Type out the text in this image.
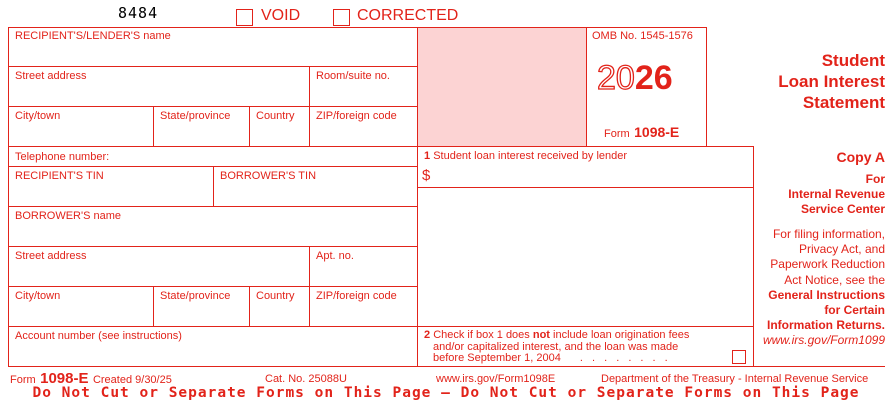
8484	VOID	CORRECTED
RECIPIENT'S/LENDER'S name
Street address	Room/suite no.
City/town	State/province Country ZIP/foreign code
Telephone number:
RECIPIENT'S TIN	BORROWER'S TIN
BORROWER'S name
Street address	Apt. no.
City/town	State/province Country ZIP/foreign code
Account number (see instructions)
OMB No. 1545-1576
2026
Form 1098-E
Student
Loan Interest
Statement
1 Student loan interest received by lender
$
2 Check if box 1 does not include loan origination fees
and/or capitalized interest, and the loan was made
before September 1, 2004 . . . . . . . .
Copy A
For
Internal Revenue
Service Center
For filing information,
Privacy Act, and
Paperwork Reduction
Act Notice, see the
General Instructions
for Certain
Information Returns.
www.irs.gov/Form1099
Form 1098-E Created 9/30/25	Cat. No. 25088U	www.irs.gov/Form1098E	Department of the Treasury - Internal Revenue Service
Do Not Cut or Separate Forms on This Page — Do Not Cut or Separate Forms on This Page
